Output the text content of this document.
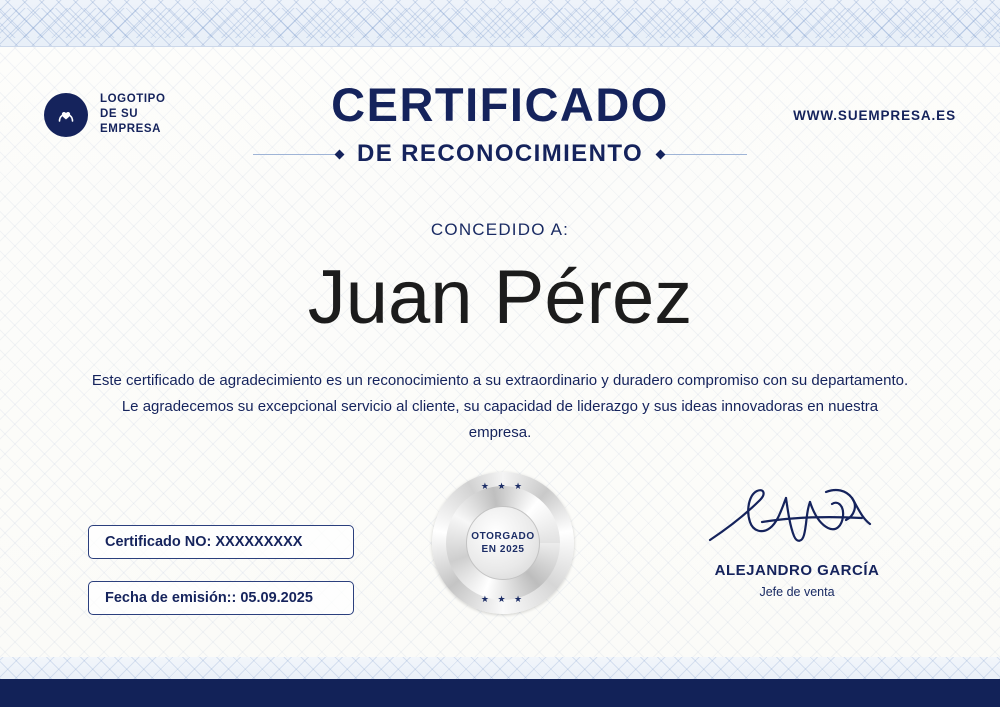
LOGOTIPO
DE SU
EMPRESA	CERTIFICADO
DE RECONOCIMIENTO
WWW.SUEMPRESA.ES
CONCEDIDO A:
Juan Pérez
Este certificado de agradecimiento es un reconocimiento a su extraordinario y duradero compromiso con su departamento. Le agradecemos su excepcional servicio al cliente, su capacidad de liderazgo y sus ideas innovadoras en nuestra empresa.
Certificado NO: XXXXXXXXX
Fecha de emisión:: 05.09.2025
★ ★ ★
★ ★ ★
OTORGADO
EN 2025
ALEJANDRO GARCÍA
Jefe de venta
